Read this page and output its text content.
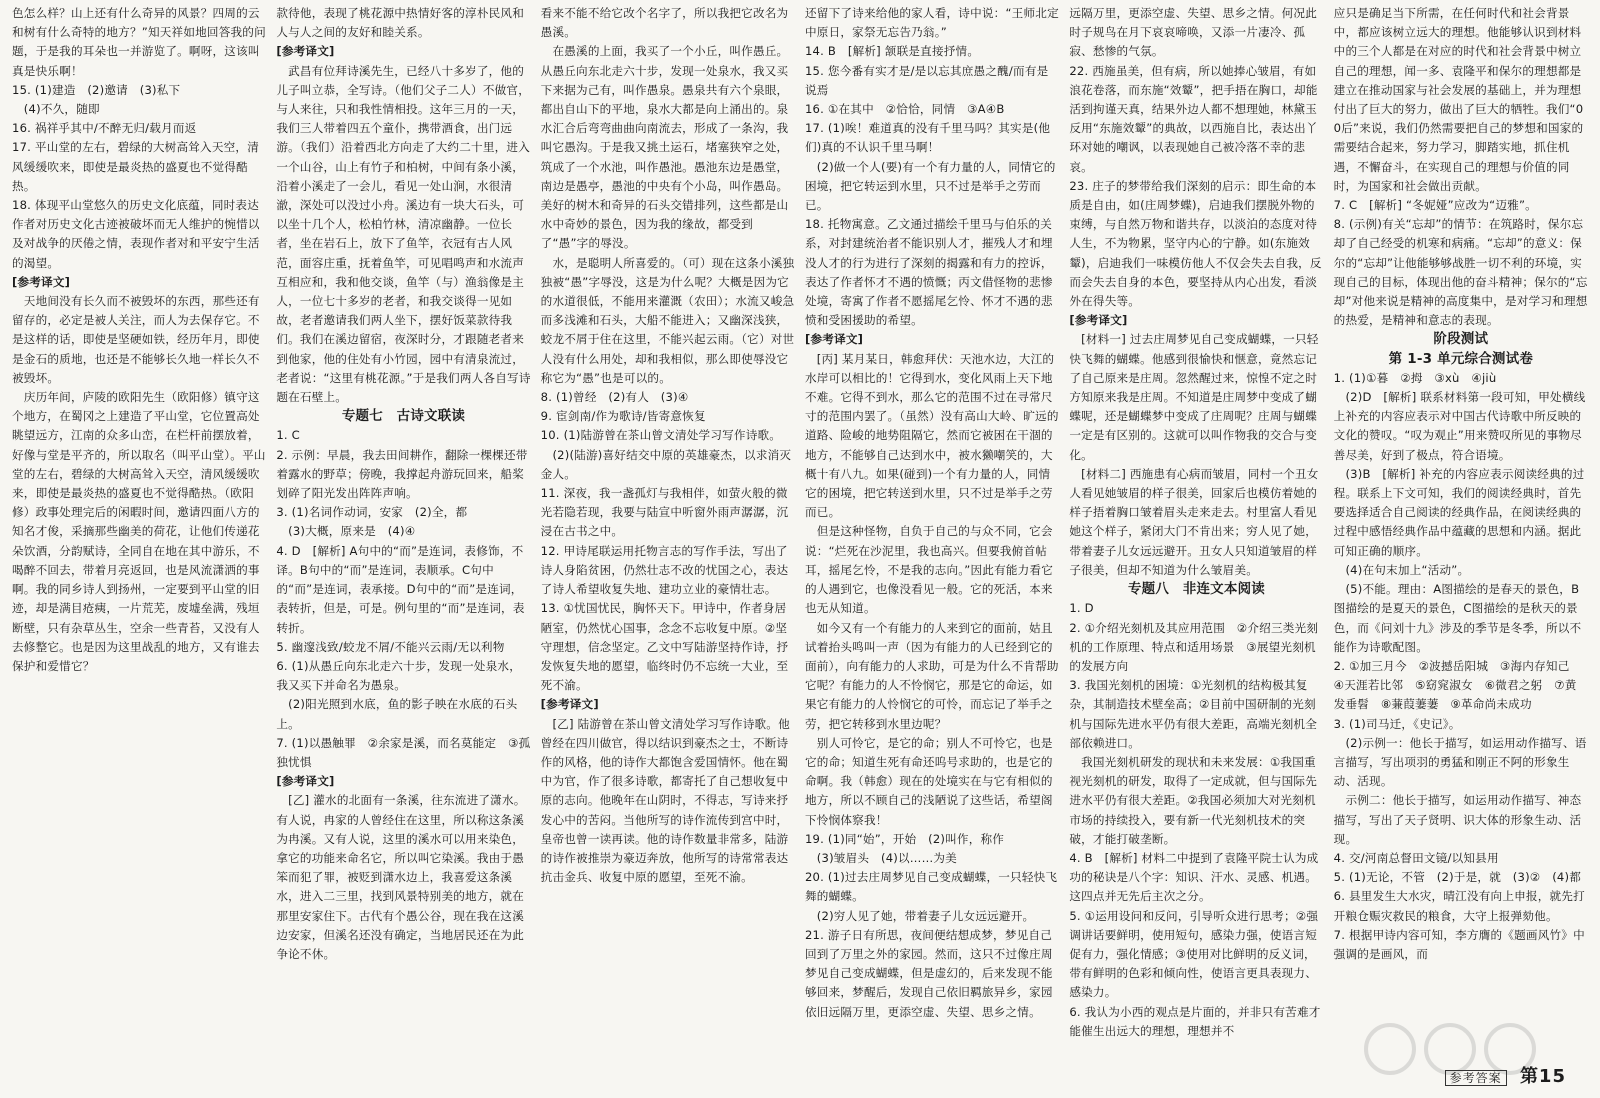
色怎么样？山上还有什么奇异的风景？四周的云和树有什么奇特的地方？”知天祥如地回答我的问题，于是我的耳朵也一并游览了。啊呀，这该叫真是快乐啊！

15. (1)建造　(2)邀请　(3)私下

　(4)不久，随即

16. 祸祥乎其中/不醉无归/载月而返

17. 平山堂的左右，碧绿的大树高耸入天空，清风缓缓吹来，即使是最炎热的盛夏也不觉得酷热。

18. 体现平山堂悠久的历史文化底蕴，同时表达作者对历史文化古迹被破坏而无人维护的惋惜以及对战争的厌倦之情，表现作者对和平安宁生活的渴望。

[参考译文]

　天地间没有长久而不被毁坏的东西，那些还有留存的，必定是被人关注，而人为去保存它。不是这样的话，即使是坚硬如铁，经历年月，即使是金石的质地，也还是不能够长久地一样长久不被毁坏。

　庆历年间，庐陵的欧阳先生（欧阳修）镇守这个地方，在蜀冈之上建造了平山堂，它位置高处眺望远方，江南的众多山峦，在栏杆前摆放着，好像与堂是平齐的，所以取名（叫平山堂）。平山堂的左右，碧绿的大树高耸入天空，清风缓缓吹来，即使是最炎热的盛夏也不觉得酷热。（欧阳修）政事处理完后的闲暇时间，邀请四面八方的知名才俊，采摘那些幽美的荷花，让他们传递花朵饮酒，分韵赋诗，全同自在地在其中游乐，不喝醉不回去，带着月亮返回，也是风流潇洒的事啊。我的同乡诗人到扬州，一定要到平山堂的旧迹，却是满目疮痍，一片荒芜，废墟垒满，残垣断壁，只有杂草丛生，空余一些青苔，又没有人去修整它。也是因为这里战乱的地方，又有谁去保护和爱惜它？

款待他，表现了桃花源中热情好客的淳朴民风和人与人之间的友好和睦关系。

[参考译文]

　武昌有位拜诗溪先生，已经八十多岁了，他的儿子叫立恭，全写诗。（他们父子二人）不做官，与人来往，只和我性情相投。这年三月的一天，我们三人带着四五个童仆，携带酒食，出门远游。（我们）沿着西北方向走了大约二十里，进入一个山谷，山上有竹子和柏树，中间有条小溪，沿着小溪走了一会儿，看见一处山涧，水很清澈，深处可以没过小舟。溪边有一块大石头，可以坐十几个人，松柏竹林，清凉幽静。一位长者，坐在岩石上，放下了鱼竿，衣冠有古人风范，面容庄重，抚着鱼竿，可见唱鸣声和水流声互相应和，我和他交谈，鱼竿（与）渔翁像是主人，一位七十多岁的老者，和我交谈得一见如故，老者邀请我们两人坐下，摆好饭菜款待我们。我们在溪边留宿，夜深时分，才跟随老者来到他家，他的住处有小竹园，园中有清泉流过，老者说：“这里有桃花源。”于是我们两人各自写诗题在石壁上。

专题七　古诗文联读

1. C

2. 示例：早晨，我去田间耕作，翻除一棵棵还带着露水的野草；傍晚，我撑起舟游玩回来，船桨划碎了阳光发出阵阵声响。

3. (1)名词作动词，安家　(2)全，都

　(3)大概，原来是　(4)④

4. D　[解析] A句中的“而”是连词，表修饰，不译。B句中的“而”是连词，表顺承。C句中的“而”是连词，表承接。D句中的“而”是连词，表转折，但是，可是。例句里的“而”是连词，表转折。

5. 幽邃浅致/蛟龙不屑/不能兴云雨/无以利物

6. (1)从愚丘向东北走六十步，发现一处泉水，我又买下并命名为愚泉。

　(2)阳光照到水底，鱼的影子映在水底的石头上。

7. (1)以愚触罪　②余家是溪，而名莫能定　③孤独忧惧

[参考译文]

　[乙] 灌水的北面有一条溪，往东流进了潇水。有人说，冉家的人曾经住在这里，所以称这条溪为冉溪。又有人说，这里的溪水可以用来染色，拿它的功能来命名它，所以叫它染溪。我由于愚笨而犯了罪，被贬到潇水边上，我喜爱这条溪水，进入二三里，找到风景特别美的地方，就在那里安家住下。古代有个愚公谷，现在我在这溪边安家，但溪名还没有确定，当地居民还在为此争论不休。

看来不能不给它改个名字了，所以我把它改名为愚溪。

　在愚溪的上面，我买了一个小丘，叫作愚丘。从愚丘向东北走六十步，发现一处泉水，我又买下来据为己有，叫作愚泉。愚泉共有六个泉眼，都出自山下的平地，泉水大都是向上涌出的。泉水汇合后弯弯曲曲向南流去，形成了一条沟，我叫它愚沟。于是我又挑土运石，堵塞狭窄之处，筑成了一个水池，叫作愚池。愚池东边是愚堂，南边是愚亭，愚池的中央有个小岛，叫作愚岛。美好的树木和奇异的石头交错排列，这些都是山水中奇妙的景色，因为我的缘故，都受到了“愚”字的辱没。

　水，是聪明人所喜爱的。（可）现在这条小溪独独被“愚”字辱没，这是为什么呢？大概是因为它的水道很低，不能用来灌溉（农田）；水流又峻急而多浅滩和石头，大船不能进入；又幽深浅狭，蛟龙不屑于住在这里，不能兴起云雨。（它）对世人没有什么用处，却和我相似，那么即使辱没它称它为“愚”也是可以的。

8. (1)曾经　(2)有人　(3)④

9. 宦剑南/作为歌诗/皆寄意恢复

10. (1)陆游曾在茶山曾文清处学习写作诗歌。

　(2)(陆游)喜好结交中原的英雄豪杰，以求消灭金人。

11. 深夜，我一盏孤灯与我相伴，如萤火般的微光若隐若现，我要与陆宣中听窗外雨声潺潺，沉浸在古书之中。

12. 甲诗尾联运用托物言志的写作手法，写出了诗人身陷贫困，仍然壮志不改的忧国之心，表达了诗人希望收复失地、建功立业的豪情壮志。

13. ①忧国忧民，胸怀天下。甲诗中，作者身居陋室，仍然忧心国事，念念不忘收复中原。②坚守理想，信念坚定。乙文中写陆游坚持作诗，抒发恢复失地的愿望，临终时仍不忘统一大业，至死不渝。

[参考译文]

　[乙] 陆游曾在茶山曾文清处学习写作诗歌。他曾经在四川做官，得以结识到豪杰之士，不断诗作的风格，他的诗作大都饱含爱国情怀。他在蜀中为官，作了很多诗歌，都寄托了自己想收复中原的志向。他晚年在山阴时，不得志，写诗来抒发心中的苦闷。当他所写的诗作流传到宫中时，皇帝也曾一读再读。他的诗作数量非常多，陆游的诗作被推崇为豪迈奔放，他所写的诗常常表达抗击金兵、收复中原的愿望，至死不渝。

还留下了诗来给他的家人看，诗中说：“王师北定中原日，家祭无忘告乃翁。”

14. B　[解析] 颔联是直接抒情。

15. 您今番有实才是/是以忘其庶愚之醜/而有是说焉

16. ①在其中　②恰恰，同情　③A④B

17. (1)唉！难道真的没有千里马吗？其实是(他们)真的不认识千里马啊！

　(2)做一个人(要)有一个有力量的人，同情它的困境，把它转运到水里，只不过是举手之劳而已。

18. 托物寓意。乙文通过描绘千里马与伯乐的关系，对封建统治者不能识别人才，摧残人才和埋没人才的行为进行了深刻的揭露和有力的控诉，表达了作者怀才不遇的愤慨；丙文借怪物的悲惨处境，寄寓了作者不愿摇尾乞怜、怀才不遇的悲愤和受困援助的希望。

[参考译文]

　[丙] 某月某日，韩愈拜伏：天池水边，大江的水岸可以相比的！它得到水，变化风雨上天下地不难。它得不到水，那么它的范围不过在寻常尺寸的范围内罢了。（虽然）没有高山大岭、旷远的道路、险峻的地势阻隔它，然而它被困在干涸的地方，不能够自己达到水中，被水獭嘲笑的，大概十有八九。如果(碰到)一个有力量的人，同情它的困境，把它转送到水里，只不过是举手之劳而已。

　但是这种怪物，自负于自己的与众不同，它会说：“烂死在沙泥里，我也高兴。但要我俯首帖耳，摇尾乞怜，不是我的志向。”因此有能力看它的人遇到它，也像没看见一般。它的死活，本来也无从知道。

　如今又有一个有能力的人来到它的面前，姑且试着抬头鸣叫一声（因为有能力的人已经到它的面前），向有能力的人求助，可是为什么不肯帮助它呢？有能力的人不怜悯它，那是它的命运，如果它有能力的人怜悯它的可怜，而忘记了举手之劳，把它转移到水里边呢？

　别人可怜它，是它的命；别人不可怜它，也是它的命；知道生死有命还呜号求助的，也是它的命啊。我（韩愈）现在的处境实在与它有相似的地方，所以不顾自己的浅陋说了这些话，希望阁下怜悯体察我！

19. (1)同“始”，开始　(2)叫作，称作

　(3)皱眉头　(4)以……为美

20. (1)过去庄周梦见自己变成蝴蝶，一只轻快飞舞的蝴蝶。

　(2)穷人见了她，带着妻子儿女远远避开。

21. 游子日有所思，夜间便结想成梦，梦见自己回到了万里之外的家园。然而，这只不过像庄周梦见自己变成蝴蝶，但是虚幻的，后来发现不能够回来，梦醒后，发现自己依旧羁旅异乡，家园依旧远隔万里，更添空虚、失望、思乡之情。

远隔万里，更添空虚、失望、思乡之情。何况此时子规鸟在月下哀哀啼唤，又添一片凄冷、孤寂、愁惨的气氛。

22. 西施虽美，但有病，所以她捧心皱眉，有如浪花卷落，而东施“效颦”，把手捂在胸口，却能活到拘谨天真，结果外边人都不想理她，林黛玉反用“东施效颦”的典故，以西施自比，表达出丫环对她的嘲讽，以表现她自己被冷落不幸的悲哀。

23. 庄子的梦带给我们深刻的启示：即生命的本质是自由，如(庄周梦蝶)，启迪我们摆脱外物的束缚，与自然万物和谐共存，以淡泊的态度对待人生，不为物累，坚守内心的宁静。如(东施效颦)，启迪我们一味模仿他人不仅会失去自我，反而会失去自身的本色，要坚持从内心出发，看淡外在得失等。

[参考译文]

　[材料一] 过去庄周梦见自己变成蝴蝶，一只轻快飞舞的蝴蝶。他感到很愉快和惬意，竟然忘记了自己原来是庄周。忽然醒过来，惊惶不定之时方知原来我是庄周。不知道是庄周梦中变成了蝴蝶呢，还是蝴蝶梦中变成了庄周呢？庄周与蝴蝶一定是有区别的。这就可以叫作物我的交合与变化。

　[材料二] 西施患有心病而皱眉，同村一个丑女人看见她皱眉的样子很美，回家后也模仿着她的样子捂着胸口皱着眉头走来走去。村里富人看见她这个样子，紧闭大门不肯出来；穷人见了她，带着妻子儿女远远避开。丑女人只知道皱眉的样子很美，但却不知道为什么皱眉美。

专题八　非连文本阅读

1. D

2. ①介绍光刻机及其应用范围　②介绍三类光刻机的工作原理、特点和适用场景　③展望光刻机的发展方向

3. 我国光刻机的困境：①光刻机的结构极其复杂，其制造技术壁垒高；②目前中国研制的光刻机与国际先进水平仍有很大差距，高端光刻机全部依赖进口。

　我国光刻机研发的现状和未来发展：①我国重视光刻机的研发，取得了一定成就，但与国际先进水平仍有很大差距。②我国必须加大对光刻机市场的持续投入，要有新一代光刻机技术的突破，才能打破垄断。

4. B　[解析] 材料二中提到了袁隆平院士认为成功的秘诀是八个字：知识、汗水、灵感、机遇。这四点并无先后主次之分。

5. ①运用设问和反问，引导听众进行思考；②强调讲话要鲜明，使用短句，感染力强，使语言短促有力，强化情感；③使用对比鲜明的反义词，带有鲜明的色彩和倾向性，使语言更具表现力、感染力。

6. 我认为小西的观点是片面的，并非只有苦难才能催生出远大的理想，理想并不

应只是确足当下所需，在任何时代和社会背景中，都应该树立远大的理想。他能够认识到材料中的三个人都是在对应的时代和社会背景中树立自己的理想，闻一多、袁隆平和保尔的理想都是建立在推动国家与社会发展的基础上，并为理想付出了巨大的努力，做出了巨大的牺牲。我们“00后”来说，我们仍然需要把自己的梦想和国家的需要结合起来，努力学习，脚踏实地，抓住机遇，不懈奋斗，在实现自己的理想与价值的同时，为国家和社会做出贡献。

7. C　[解析] “冬妮娅”应改为“迈雅”。

8. (示例)有关“忘却”的情节：在筑路时，保尔忘却了自己经受的机寒和病痛。“忘却”的意义：保尔的“忘却”让他能够够战胜一切不利的环境，实现自己的目标，体现出他的奋斗精神；保尔的“忘却”对他来说是精神的高度集中，是对学习和理想的热爱，是精神和意志的表现。

阶段测试

第 1-3 单元综合测试卷

1. (1)①暮　②拇　③xù　④jiù

　(2)D　[解析] 联系材料第一段可知，甲处横线上补充的内容应表示对中国古代诗歌中所反映的文化的赞叹。“叹为观止”用来赞叹所见的事物尽善尽美，好到了极点，符合语境。

　(3)B　[解析] 补充的内容应表示阅读经典的过程。联系上下文可知，我们的阅读经典时，首先要选择适合自己阅读的经典作品，在阅读经典的过程中感悟经典作品中蕴藏的思想和内涵。据此可知正确的顺序。

　(4)在句末加上“活动”。

　(5)不能。理由：A图描绘的是春天的景色，B图描绘的是夏天的景色，C图描绘的是秋天的景色，而《问刘十九》涉及的季节是冬季，所以不能作为诗歌配图。

2. ①加三月今　②波撼岳阳城　③海内存知己　④天涯若比邻　⑤窈窕淑女　⑥微君之躬　⑦黄发垂髫　⑧蒹葭萋萋　⑨革命尚未成功

3. (1)司马迁，《史记》。

　(2)示例一：他长于描写，如运用动作描写、语言描写，写出项羽的勇猛和刚正不阿的形象生动、活现。

　示例二：他长于描写，如运用动作描写、神态描写，写出了天子贤明、识大体的形象生动、活现。

4. 交/河南总督田文镜/以知县用

5. (1)无论，不管　(2)于是，就　(3)②　(4)都

6. 县里发生大水灾，晴江没有向上申报，就先打开粮仓赈灾救民的粮食，大守上报弹劾他。

7. 根据甲诗内容可知，李方膺的《题画风竹》中强调的是画风，而

参考答案 第15
